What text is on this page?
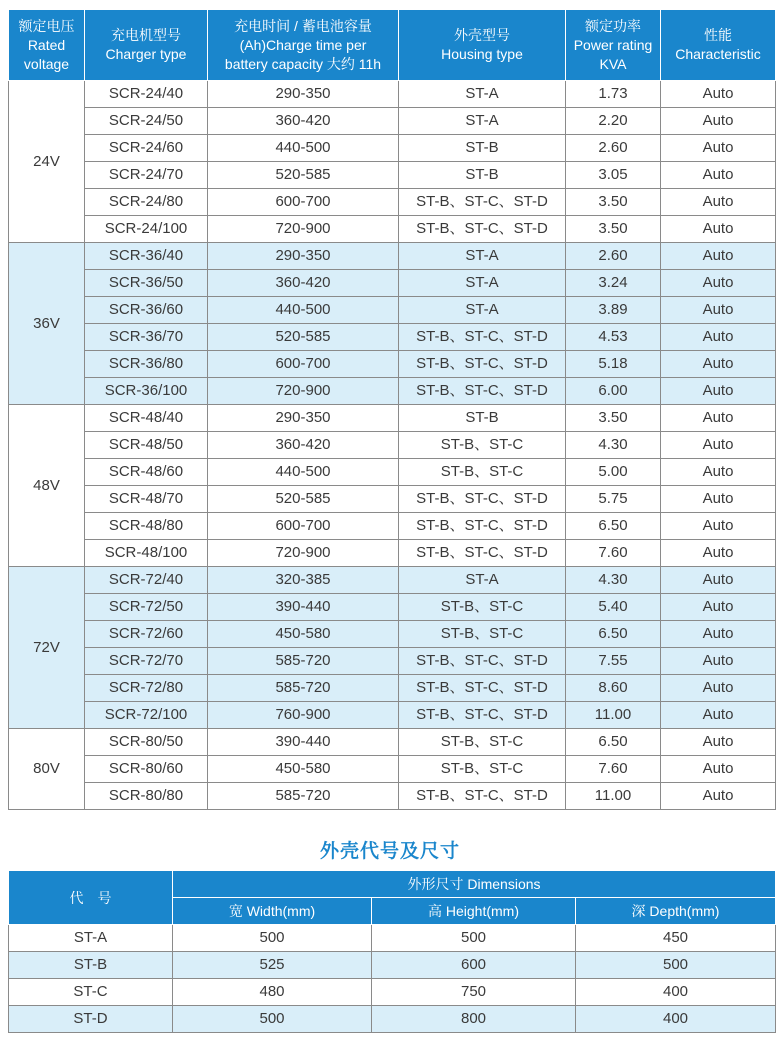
额定电压
Rated
voltage	充电机型号
Charger type	充电时间 / 蓄电池容量
(Ah)Charge time per
battery capacity 大约 11h	外壳型号
Housing type	额定功率
Power rating
KVA	性能
Characteristic
24V	SCR-24/40	290-350	ST-A	1.73	Auto
	SCR-24/50	360-420	ST-A	2.20	Auto
	SCR-24/60	440-500	ST-B	2.60	Auto
	SCR-24/70	520-585	ST-B	3.05	Auto
	SCR-24/80	600-700	ST-B、ST-C、ST-D	3.50	Auto
	SCR-24/100	720-900	ST-B、ST-C、ST-D	3.50	Auto
36V	SCR-36/40	290-350	ST-A	2.60	Auto
	SCR-36/50	360-420	ST-A	3.24	Auto
	SCR-36/60	440-500	ST-A	3.89	Auto
	SCR-36/70	520-585	ST-B、ST-C、ST-D	4.53	Auto
	SCR-36/80	600-700	ST-B、ST-C、ST-D	5.18	Auto
	SCR-36/100	720-900	ST-B、ST-C、ST-D	6.00	Auto
48V	SCR-48/40	290-350	ST-B	3.50	Auto
	SCR-48/50	360-420	ST-B、ST-C	4.30	Auto
	SCR-48/60	440-500	ST-B、ST-C	5.00	Auto
	SCR-48/70	520-585	ST-B、ST-C、ST-D	5.75	Auto
	SCR-48/80	600-700	ST-B、ST-C、ST-D	6.50	Auto
	SCR-48/100	720-900	ST-B、ST-C、ST-D	7.60	Auto
72V	SCR-72/40	320-385	ST-A	4.30	Auto
	SCR-72/50	390-440	ST-B、ST-C	5.40	Auto
	SCR-72/60	450-580	ST-B、ST-C	6.50	Auto
	SCR-72/70	585-720	ST-B、ST-C、ST-D	7.55	Auto
	SCR-72/80	585-720	ST-B、ST-C、ST-D	8.60	Auto
	SCR-72/100	760-900	ST-B、ST-C、ST-D	11.00	Auto
80V	SCR-80/50	390-440	ST-B、ST-C	6.50	Auto
	SCR-80/60	450-580	ST-B、ST-C	7.60	Auto
	SCR-80/80	585-720	ST-B、ST-C、ST-D	11.00	Auto
外壳代号及尺寸
代　号	外形尺寸 Dimensions		
	宽 Width(mm)	高 Height(mm)	深 Depth(mm)
ST-A	500	500	450
ST-B	525	600	500
ST-C	480	750	400
ST-D	500	800	400
